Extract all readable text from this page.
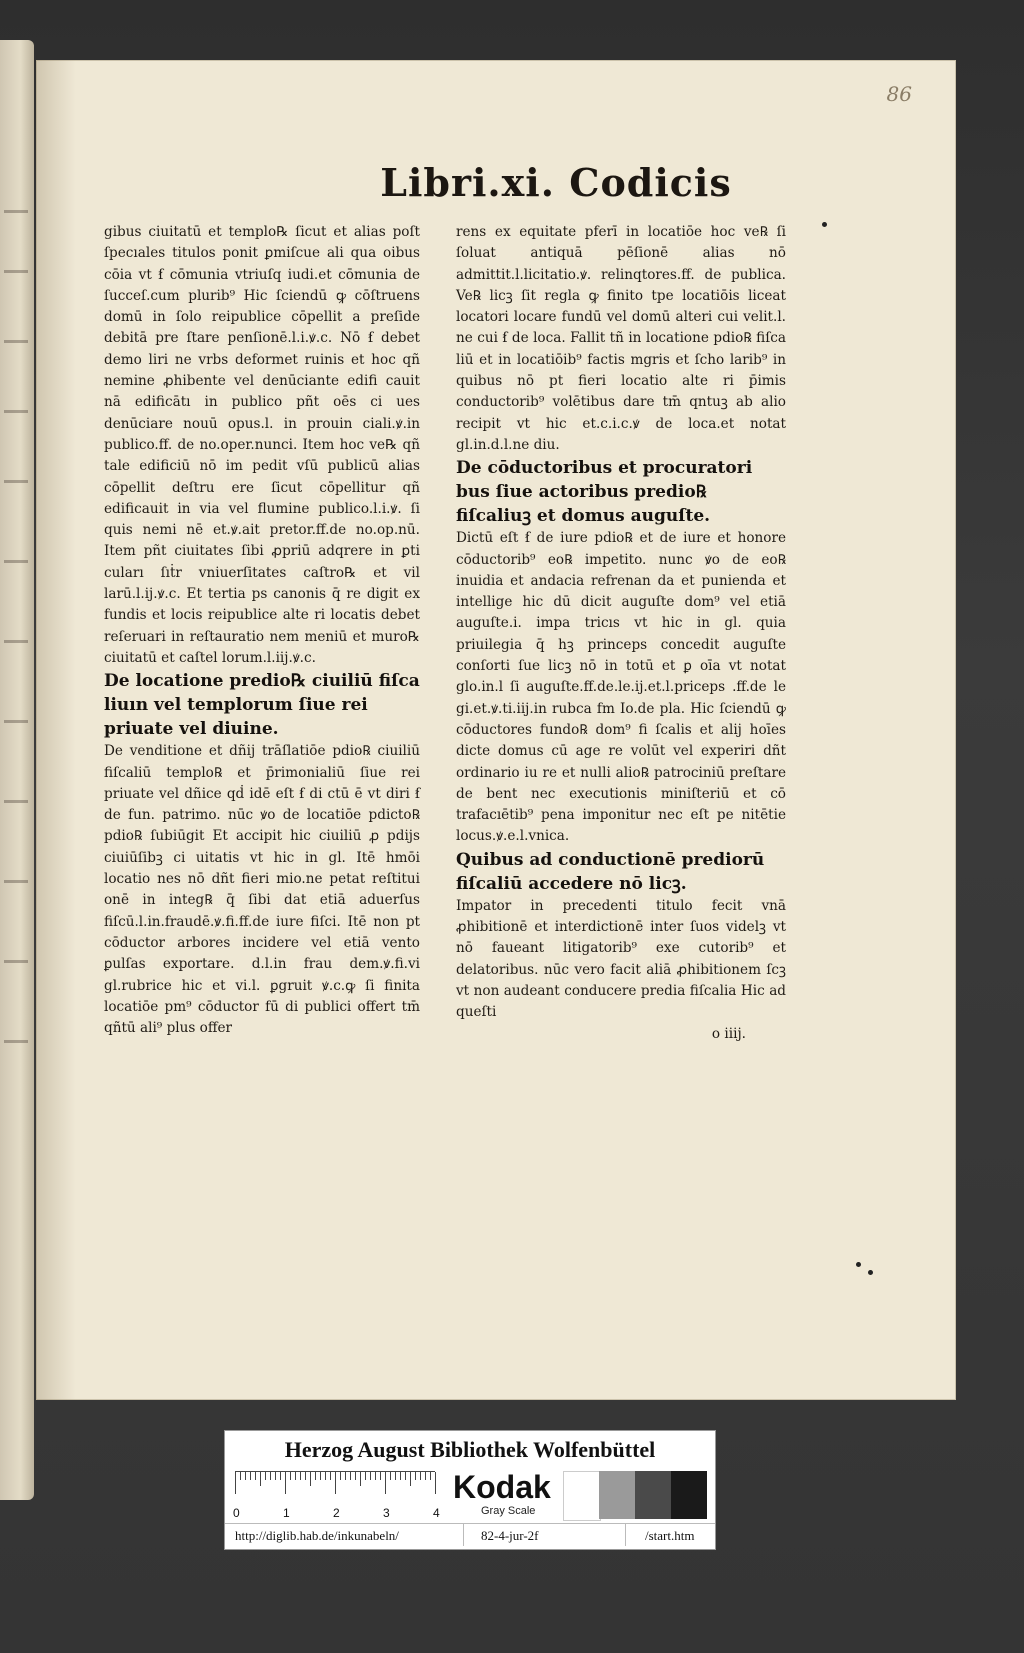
86
Libri.xi. Codicis

gibus ciuitatū et templo℞ ſicut et alias poſt ſpecıales titulos ponit ꝑmiſcue ali qua oibus cōia vt ẜ cōmunia vtriuſq iudi.et cōmunia de ſucceſ.cum plurib⁹ Hic ſciendū ꝙ cōſtruens domū in ſolo reipublice cōpellit a preſide debitā pre ſtare penſionē.l.i.ꝟ.c. Nō ẜ debet demo liri ne vrbs deformet ruinis et hoc qñ nemine ꝓhibente vel denūciante edifi cauit nā edificātı in publico pñt oēs ci ues denūciare nouū opus.l. in prouin ciali.ꝟ.in publico.ff. de no.oper.nunci. Item hoc ve℞ qñ tale edificiū nō im pedit vſū publicū alias cōpellit deſtru ere ſicut cōpellitur qñ edificauit in via vel flumine publico.l.i.ꝟ. ſi quis nemi nē et.ꝟ.ait pretor.ff.de no.op.nū. Item pñt ciuitates ſibi ꝓpriū adqrere in ꝑti cuları ſıṫr vniuerſitates caſtro℞ et vil larū.l.ij.ꝟ.c. Et tertia ps canonis q̄ re digit ex fundis et locis reipublice alte ri locatis debet reſeruari in reſtauratio nem meniū et muro℞ ciuitatū et caſtel lorum.l.iij.ꝟ.c.

De locatione predio℞ ciuiliū fiſca liuın vel templorum ſiue rei priuate vel diuine.

De venditione et dñij trāſlatiōe pdio℞ ciuiliū fiſcaliū templo℞ et p̄rimonialiū ſiue rei priuate vel dñice qḋ idē eſt ẜ di ctū ē vt diri ẜ de fun. patrimo. nūc ꝟo de locatiōe pdicto℞ pdio℞ ſubiūgit Et accipit hic ciuiliū ꝓ pdijs ciuiūſibꝫ ci uitatis vt hic in gl. Itē hmōi locatio nes nō dñt fieri mio.ne petat reſtitui onē in integ℞ q̄ ſibi dat etiā aduerſus fiſcū.l.in.fraudē.ꝟ.fi.ff.de iure fiſci. Itē non pt cōductor arbores incidere vel etiā vento ꝑulſas exportare. d.l.in frau dem.ꝟ.fi.vi gl.rubrice hic et vi.l. ꝑgruit ꝟ.c.ꝙ ſi finita locatiōe pm⁹ cōductor fū di publici offert tm̄ qñtū ali⁹ plus offer

rens ex equitate pferī in locatiōe hoc ve℞ ſi ſoluat antiquā pēſionē alias nō admittit.l.licitatio.ꝟ. relinqtores.ff. de publica. Ve℞ licꝫ ſit regla ꝙ finito tpe locatiōis liceat locatori locare fundū vel domū alteri cui velit.l. ne cui ẜ de loca. Fallit tñ in locatione pdio℞ fiſca liū et in locatiōib⁹ factis mgris et ſcho larib⁹ in quibus nō pt fieri locatio alte ri p̄imis conductorib⁹ volētibus dare tm̄ qntuꝫ ab alio recipit vt hic et.c.i.c.ꝟ de loca.et notat gl.in.d.l.ne diu.

De cōductoribus et procuratori bus ſiue actoribus predio℞ fiſcaliuꝫ et domus auguſte.

Dictū eſt ẜ de iure pdio℞ et de iure et honore cōductorib⁹ eo℞ impetito. nunc ꝟo de eo℞ inuidia et andacia refrenan da et punienda et intellige hic dū dicit auguſte dom⁹ vel etiā auguſte.i. impa tricıs vt hic in gl. quia priuilegia q̄ hꝫ princeps concedit auguſte conſorti ſue licꝫ nō in totū et ꝑ oīa vt notat glo.in.l ſi auguſte.ff.de.le.ij.et.l.priceps .ff.de le gi.et.ꝟ.ti.iij.in rubca fm Io.de pla. Hic ſciendū ꝙ cōductores fundo℞ dom⁹ fi ſcalis et alij hoīes dicte domus cū age re volūt vel experiri dñt ordinario iu re et nulli alio℞ patrociniū preſtare de bent nec executionis miniſteriū et cō trafacıētib⁹ pena imponitur nec eſt pe nitētie locus.ꝟ.e.l.vnica.

Quibus ad conductionē prediorū fiſcaliū accedere nō licꝫ.

Impator in precedenti titulo fecit vnā ꝓhibitionē et interdictionē inter ſuos videlꝫ vt nō faueant litigatorib⁹ exe cutorib⁹ et delatoribus. nūc vero facit aliā ꝓhibitionem ſcꝫ vt non audeant conducere predia fiſcalia Hic ad queſti

o iiij.

Herzog August Bibliothek Wolfenbüttel
0	1	2	3	4
Kodak
Gray Scale
http://diglib.hab.de/inkunabeln/	82-4-jur-2f	/start.htm
